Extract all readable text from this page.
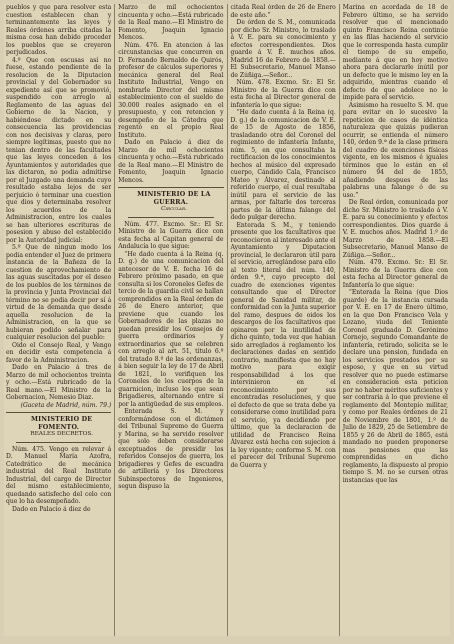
pueblos y que para resolver esta cuestion establecen chan y terminantemente las leyes y Reales órdenes arriba citadas la misma cosa han debido proceder los pueblos que se creyeron perjudicados.

4.º Que con escusas así no fuese, estando pendiente de la resolucion de la Diputacion provincial y del Gobernador su expediente así que se promovió, suspendido con arreglo al Reglamento de las aguas del Gobierno de la Nacion, y habiéndose dictado en su consecuencia las providencias con nos decisivas y claras, pero siempre legítimas, puesto que no tenian dentro de las facultades que las leyes conceden á los Ayuntamientos y autoridades que las dictaron, no podia admitirse por el Juzgado una demanda cuyo resultado estaba lejos de ser perjuicio ó terminar una cuestion que dios y determinaba resolver los acuerdos de la Administracion, entre los cuales se han ulteriores escrituras de posesion y abuso del establecido por la Autoridad judicial:

5.º Que de ningun modo los podia entender el Juez de primera instancia de la Bañeza de la cuestion de aprovechamiento de las aguas suscitadas por el deseo de los pueblos de los términos de la provincia y Junta Provincial del término no se podia decir por sí á virtud de la demanda que desde aquella resolucion de la Administracion, en la que se hubieran podido señalar para cualquier resolucion del pueblo:

Oido el Consejo Real, y Vengo en decidir esta competencia á favor de la Administracion.

Dado en Palacio á tres de Marzo de mil ochocientos treinta y ocho.—Está rubricado de la Real mano.—El Ministro de la Gobernacion, Nemesio Diaz.

(Gaceta de Madrid, núm. 79.)

MINISTERIO DE FOMENTO.

REALES DECRETOS.

Núm. 475. Vengo en relevar á D. Manuel María Azofra, Catedrático de mecánica industrial del Real Instituto Industrial, del cargo de Director del mismo establecimiento, quedando satisfecho del celo con que lo ha desempeñado.

Dado en Palacio á diez de

Marzo de mil ochocientos cincuenta y ocho.—Está rubricado de la Real mano.—El Ministro de Fomento, Joaquin Ignacio Mencos.

Núm. 476. En atencion á las circunstancias que concurren en D. Fernando Bernaldo de Quirós, profesor de cálculos superiores y mecánica general del Real Instituto Industrial, Vengo en nombrarle Director del mismo establecimiento con el sueldo de 30.000 reales asignado en el presupuesto, y con retencion y desempeño de la Cátedra que regentó en el propio Real Instituto.

Dado en Palacio á diez de Marzo de mil ochocientos cincuenta y ocho.—Está rubricado de la Real mano.—El Ministro de Fomento, Joaquin Ignacio Mencos.

MINISTERIO DE LA GUERRA.

Circular.

Núm. 477. Excmo. Sr.: El Sr. Ministro de la Guerra dice con esta fecha al Capitan general de Andalucía lo que sigue:

“He dado cuenta á la Reina (q. D. g.) de una comunicacion del antecesor de V. E. fecha 16 de Febrero próximo pasado, en que consulta si los Coroneles Gefes de tercio de la guardia civil se hallan comprendidos en la Real órden de 26 de Enero anterior, que previene que cuando los Gobernadores de las plazas no puedan presidir los Consejos de guerra ordinarios y extraordinarios que se celebren con arreglo al art. 51, título 6.º del tratado 8.º de las ordenanzas, á bien seguir la ley de 17 de Abril de 1821, lo verifiquen los Coroneles de los cuerpos de la guarnicion, incluso los que sean Brigadieres, alternando entre sí por la antigüedad de sus empleos.

Enterada S. M. y conformándose con el dictámen del Tribunal Supremo de Guerra y Marina, se ha servido resolver que solo deben considerarse exceptuados de presidir los referidos Consejos de guerra, los brigadieres y Gefes de escuadra de artillería y los Directores Subinspectores de Ingenieros, segun dispuso la

citada Real órden de 26 de Enero de este año.”

De órden de S. M., comunicada por dicho Sr. Ministro, lo traslado á V. E. para su conocimiento y efectos correspondientes. Dios guarde á V. E. muchos años. Madrid 16 de Febrero de 1858.—El Subsecretario, Manuel Manso de Zúñiga.—Señor...

Núm. 478. Excmo. Sr.: El Sr. Ministro de la Guerra dice con esta fecha al Director general de infantería lo que sigue:

“He dado cuenta á la Reina (q. D. g.) de la comunicacion de V. E. de 15 de Agosto de 1856, trasladando otra del Coronel del regimiento de infantería Infante, núm. 5, en que consultaba la rectificacion de los conocimientos hechos al músico del expresado cuerpo, Cándido Cala, Francisco Mateo y Álvarez, destinado al referido cuerpo, el cual resultaba inútil para el servicio de las armas, por faltarle dos terceras partes de la última falange del dedo pulgar derecho.

Enterada S. M., y teniendo presente que los facultativos que reconocieron al interesado ante el Ayuntamiento y Diputacion provincial, le declararon útil para el servicio, arreglándose para ello al texto literal del núm. 140, órden 9.ª, cuyo precepto del cuadro de exenciones vigentes consultando que el Director general de Sanidad militar, de conformidad con la Junta superior del ramo, despues de oidos los descargos de los facultativos que opinaron por la inutilidad de dicho quinto, toda vez que habian sido arreglados á reglamento los declaraciones dadas en sentido contrario, manifiesta que no hay motivo para exigir responsabilidad á los que intervinieron en el reconocimiento por sus encontradas resoluciones, y que el defecto de que se trata debe ya considerarse como inutilidad para el servicio, ya decidiendo por último, que la declaracion de utilidad de Francisco Reina Álvarez está hecha con sujecion á la ley vigente; conforme S. M. con el parecer del Tribunal Supremo de Guerra y

Marina en acordada de 18 de Febrero último, se ha servido resolver que el mencionado quinto Francisco Reina continúe en las filas haciendo el servicio que le corresponda hasta cumplir el tiempo de su empeño, mediante á que en hoy motivo ahora para declararle inútil por un defecto que le mismo ley en la adquirido, mientras cuando el defecto de que adolece no le impide para el servicio.

Asimismo ha resuelto S. M. que para evitar en lo sucesivo la repeticion de casos de idéntica naturaleza que quizás pudieran ocurrir, se entienda el número 140, órden 9.ª de la clase primera del cuadro de exenciones físicas vigente, en los mismos é iguales términos que lo están en el número 94 del de 1855, añadiendo despues de las palabras una falange ó de su uso.”

De Real órden, comunicada por dicho Sr. Ministro lo traslado á V. E. para su conocimiento y efectos correspondientes. Dios guarde á V. E. muchos años. Madrid 1.º de Marzo de 1858.—El Subsecretario, Manuel Manso de Zúñiga.—Señor...

Núm. 479. Excmo. Sr.: El Sr. Ministro de la Guerra dice con esta fecha al Director general de Infantería lo que sigue:

“Enterada la Reina (que Dios guarde) de la instancia cursada por V. E. en 17 de Enero último, en la que Don Francisco Vela y Lozano, viuda del Teniente Coronel graduado D. Gerónimo Cornejo, segundo Comandante de infantería, retirado, solicita se le declare una pension, fundada en los servicios prestados por su esposo, y que en su virtud resolver que no puede estimarse en consideracion esta peticion por no haber méritos suficientes y ser contraria á lo que previene el reglamento del Montepío militar, y como por Reales órdenes de 21 de Noviembre de 1801, 1.º de Julio de 1829, 25 de Setiembre de 1855 y 26 de Abril de 1865, está mandado no pueden proponerse mas pensiones que las comprendidas en dicho reglamento, la dispuesto al propio tiempo S. M. no se cursen otras instancias que las
